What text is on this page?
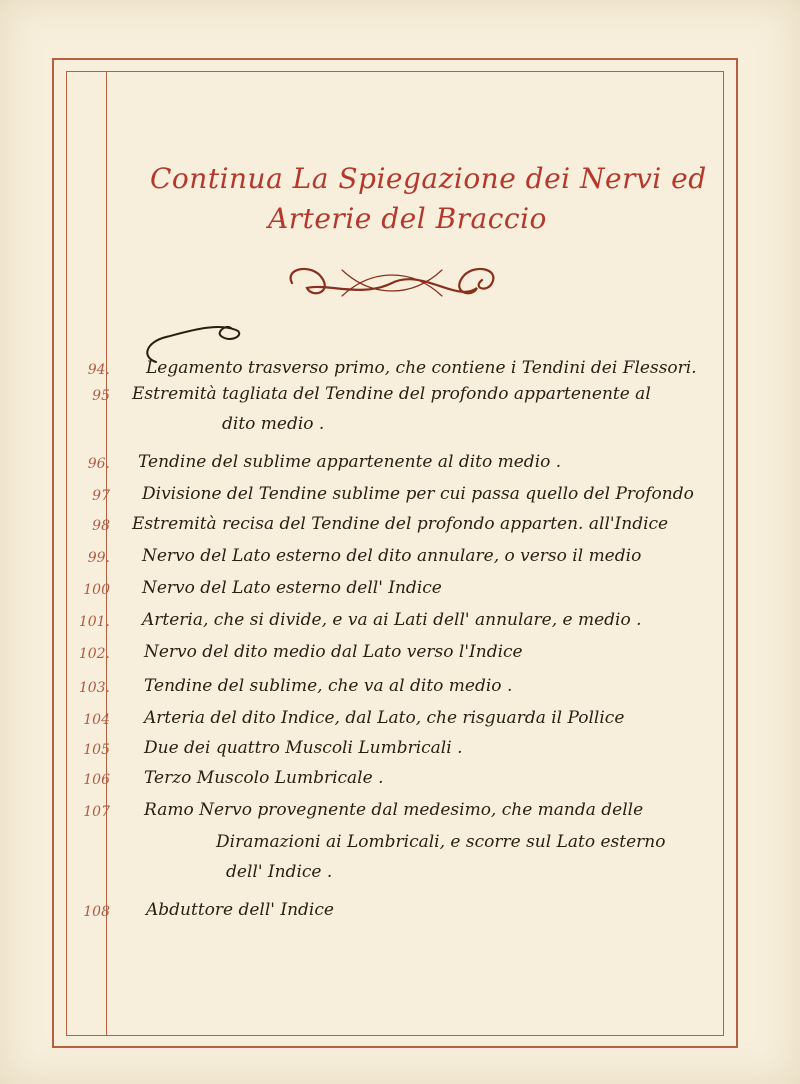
Continua La Spiegazione dei Nervi ed
Arterie del Braccio
94. Legamento trasverso primo, che contiene i Tendini dei Flessori.
95 Estremità tagliata del Tendine del profondo appartenente al
dito medio .
96. Tendine del sublime appartenente al dito medio .
97 Divisione del Tendine sublime per cui passa quello del Profondo
98 Estremità recisa del Tendine del profondo apparten. all'Indice
99. Nervo del Lato esterno del dito annulare, o verso il medio
100 Nervo del Lato esterno dell' Indice
101. Arteria, che si divide, e va ai Lati dell' annulare, e medio .
102. Nervo del dito medio dal Lato verso l'Indice
103. Tendine del sublime, che va al dito medio .
104 Arteria del dito Indice, dal Lato, che risguarda il Pollice
105 Due dei quattro Muscoli Lumbricali .
106 Terzo Muscolo Lumbricale .
107 Ramo Nervo provegnente dal medesimo, che manda delle
Diramazioni ai Lombricali, e scorre sul Lato esterno
dell' Indice .
108 Abduttore dell' Indice
